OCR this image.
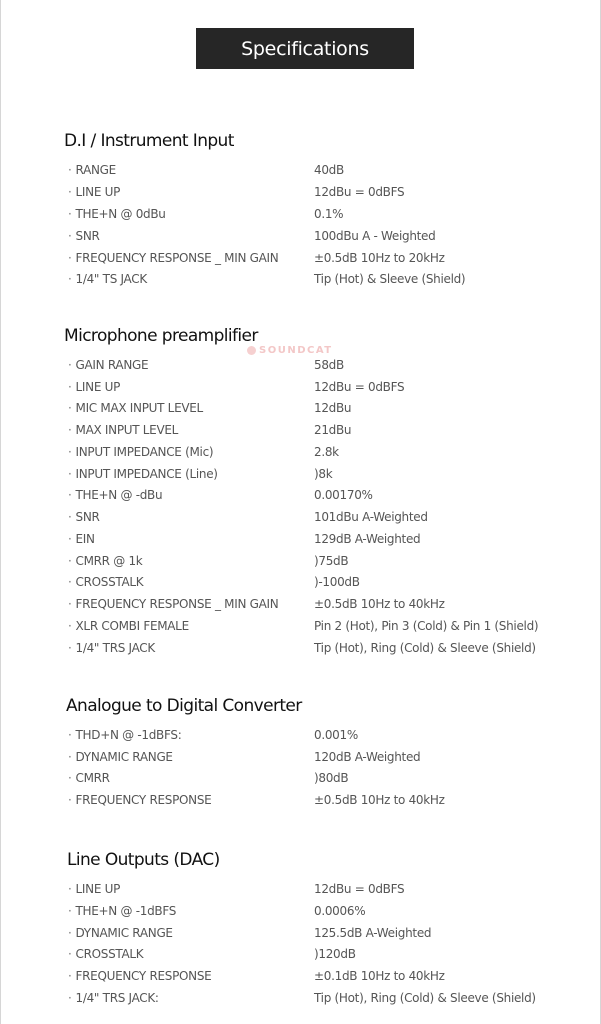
Specifications
SOUNDCAT
D.I / Instrument Input
· RANGE	40dB
· LINE UP	12dBu = 0dBFS
· THE+N @ 0dBu	0.1%
· SNR	100dBu A - Weighted
· FREQUENCY RESPONSE _ MIN GAIN	±0.5dB 10Hz to 20kHz
· 1/4" TS JACK	Tip (Hot) & Sleeve (Shield)
Microphone preamplifier
· GAIN RANGE	58dB
· LINE UP	12dBu = 0dBFS
· MIC MAX INPUT LEVEL	12dBu
· MAX INPUT LEVEL	21dBu
· INPUT IMPEDANCE (Mic)	2.8k
· INPUT IMPEDANCE (Line)	)8k
· THE+N @ -dBu	0.00170%
· SNR	101dBu A-Weighted
· EIN	129dB A-Weighted
· CMRR @ 1k	)75dB
· CROSSTALK	)-100dB
· FREQUENCY RESPONSE _ MIN GAIN	±0.5dB 10Hz to 40kHz
· XLR COMBI FEMALE	Pin 2 (Hot), Pin 3 (Cold) & Pin 1 (Shield)
· 1/4" TRS JACK	Tip (Hot), Ring (Cold) & Sleeve (Shield)
Analogue to Digital Converter
· THD+N @ -1dBFS:	0.001%
· DYNAMIC RANGE	120dB A-Weighted
· CMRR	)80dB
· FREQUENCY RESPONSE	±0.5dB 10Hz to 40kHz
Line Outputs (DAC)
· LINE UP	12dBu = 0dBFS
· THE+N @ -1dBFS	0.0006%
· DYNAMIC RANGE	125.5dB A-Weighted
· CROSSTALK	)120dB
· FREQUENCY RESPONSE	±0.1dB 10Hz to 40kHz
· 1/4" TRS JACK:	Tip (Hot), Ring (Cold) & Sleeve (Shield)
